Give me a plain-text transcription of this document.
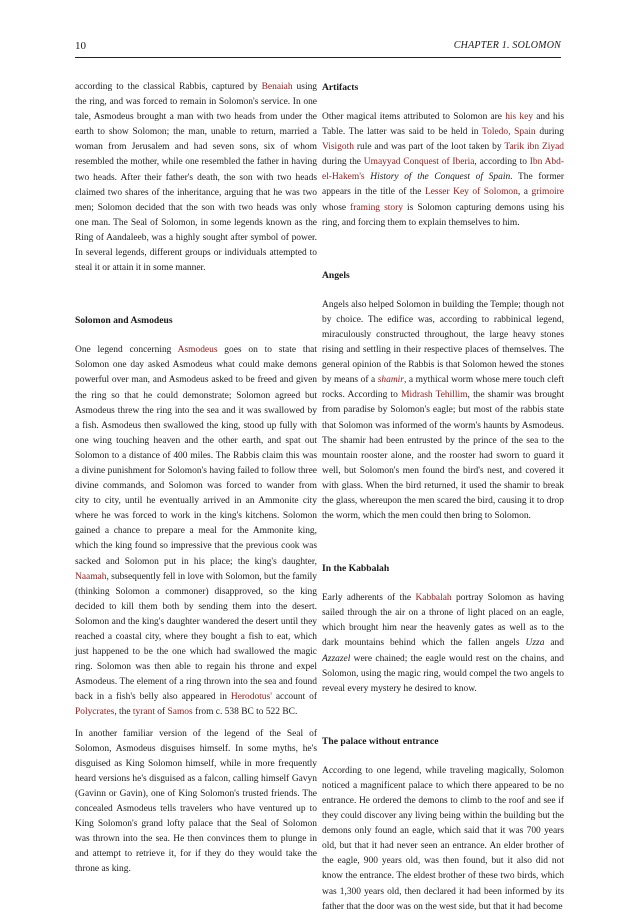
10	CHAPTER 1. SOLOMON

according to the classical Rabbis, captured by Benaiah using the ring, and was forced to remain in Solomon's service. In one tale, Asmodeus brought a man with two heads from under the earth to show Solomon; the man, unable to return, married a woman from Jerusalem and had seven sons, six of whom resembled the mother, while one resembled the father in having two heads. After their father's death, the son with two heads claimed two shares of the inheritance, arguing that he was two men; Solomon decided that the son with two heads was only one man. The Seal of Solomon, in some legends known as the Ring of Aandaleeb, was a highly sought after symbol of power. In several legends, different groups or individuals attempted to steal it or attain it in some manner.

Solomon and Asmodeus

One legend concerning Asmodeus goes on to state that Solomon one day asked Asmodeus what could make demons powerful over man, and Asmodeus asked to be freed and given the ring so that he could demonstrate; Solomon agreed but Asmodeus threw the ring into the sea and it was swallowed by a fish. Asmodeus then swallowed the king, stood up fully with one wing touching heaven and the other earth, and spat out Solomon to a distance of 400 miles. The Rabbis claim this was a divine punishment for Solomon's having failed to follow three divine commands, and Solomon was forced to wander from city to city, until he eventually arrived in an Ammonite city where he was forced to work in the king's kitchens. Solomon gained a chance to prepare a meal for the Ammonite king, which the king found so impressive that the previous cook was sacked and Solomon put in his place; the king's daughter, Naamah, subsequently fell in love with Solomon, but the family (thinking Solomon a commoner) disapproved, so the king decided to kill them both by sending them into the desert. Solomon and the king's daughter wandered the desert until they reached a coastal city, where they bought a fish to eat, which just happened to be the one which had swallowed the magic ring. Solomon was then able to regain his throne and expel Asmodeus. The element of a ring thrown into the sea and found back in a fish's belly also appeared in Herodotus' account of Polycrates, the tyrant of Samos from c. 538 BC to 522 BC.

In another familiar version of the legend of the Seal of Solomon, Asmodeus disguises himself. In some myths, he's disguised as King Solomon himself, while in more frequently heard versions he's disguised as a falcon, calling himself Gavyn (Gavinn or Gavin), one of King Solomon's trusted friends. The concealed Asmodeus tells travelers who have ventured up to King Solomon's grand lofty palace that the Seal of Solomon was thrown into the sea. He then convinces them to plunge in and attempt to retrieve it, for if they do they would take the throne as king.

Artifacts

Other magical items attributed to Solomon are his key and his Table. The latter was said to be held in Toledo, Spain during Visigoth rule and was part of the loot taken by Tarik ibn Ziyad during the Umayyad Conquest of Iberia, according to Ibn Abd-el-Hakem's History of the Conquest of Spain. The former appears in the title of the Lesser Key of Solomon, a grimoire whose framing story is Solomon capturing demons using his ring, and forcing them to explain themselves to him.

Angels

Angels also helped Solomon in building the Temple; though not by choice. The edifice was, according to rabbinical legend, miraculously constructed throughout, the large heavy stones rising and settling in their respective places of themselves. The general opinion of the Rabbis is that Solomon hewed the stones by means of a shamir, a mythical worm whose mere touch cleft rocks. According to Midrash Tehillim, the shamir was brought from paradise by Solomon's eagle; but most of the rabbis state that Solomon was informed of the worm's haunts by Asmodeus. The shamir had been entrusted by the prince of the sea to the mountain rooster alone, and the rooster had sworn to guard it well, but Solomon's men found the bird's nest, and covered it with glass. When the bird returned, it used the shamir to break the glass, whereupon the men scared the bird, causing it to drop the worm, which the men could then bring to Solomon.

In the Kabbalah

Early adherents of the Kabbalah portray Solomon as having sailed through the air on a throne of light placed on an eagle, which brought him near the heavenly gates as well as to the dark mountains behind which the fallen angels Uzza and Azzazel were chained; the eagle would rest on the chains, and Solomon, using the magic ring, would compel the two angels to reveal every mystery he desired to know.

The palace without entrance

According to one legend, while traveling magically, Solomon noticed a magnificent palace to which there appeared to be no entrance. He ordered the demons to climb to the roof and see if they could discover any living being within the building but the demons only found an eagle, which said that it was 700 years old, but that it had never seen an entrance. An elder brother of the eagle, 900 years old, was then found, but it also did not know the entrance. The eldest brother of these two birds, which was 1,300 years old, then declared it had been informed by its father that the door was on the west side, but that it had become
